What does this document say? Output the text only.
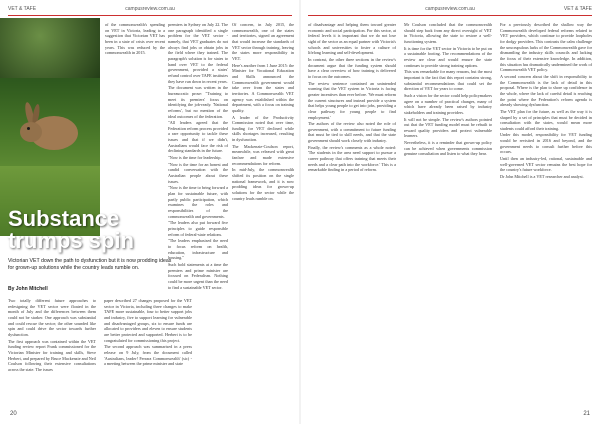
VET & TAFE	campusreview.com.au

of the commonwealth's spending on VET in Victoria, leading to a suggestion that Victorian VET has been in a state of crisis over recent years. This was reduced by the commonwealth in 2015.

Substance trumps spin
Victorian VET down the path to dysfunction but it is now prodding ideas for grown-up solutions while the country leads rumble on.
By John Mitchell

Two totally different future approaches to redesigning the VET sector were floated in the month of July and the differences between them could not be starker. One approach was substantial and could rescue the sector; the other sounded like spin and could drive the sector towards further dysfunction.

The first approach was contained within the VET funding review report Frank commissioned for the Victorian Minister for training and skills, Steve Herbert, and prepared by Bruce Mackenzie and Neil Coulson following their extensive consultations across the state. The issues

paper described 27 changes proposed for the VET sector in Victoria, including three changes to make TAFE more sustainable, four to better support jobs and industry, five to support learning for vulnerable and disadvantaged groups, six to ensure funds are allocated to providers and eleven to ensure students are better protected and supported. Herbert is to be congratulated for commissioning this project.

The second approach was summarised in a press release on 9 July, from the document called 'Australians, leader! Ferrara Commonwealth' (sic) - a meeting between the prime minister and state

premiers in Sydney on July 22. The one paragraph identified a single problem for the VET sector - namely, that VET graduates do not always find jobs or obtain jobs in the field where they trained. The paragraph's solution is for states to hand over VET to the federal government, provided a states' refund control over TAFE institutes they have run down in recent years.

The document was written in the bureaucratic prose: "Training to meet its premiers' focus on identifying the job-ready. 'National reforms', but no mention of the ideal outcomes of the federation.

"All leaders agreed that the Federation reform process provided a rare opportunity to tackle these issues and that if we didn't, Australians would face the risk of declining standards in the future.

"Now is the time for leadership.

"Now is the time for an honest and candid conversation with the Australian people about these issues.

"Now is the time to bring forward a plan for sustainable future, with partly public participation, which examines the roles and responsibilities of the commonwealth and governments.

"The leaders also put forward five principles to guide responsible reform of federal-state relations.

"The leaders emphasised the need to focus reform on health, education, infrastructure and housing."

Such bold statements at a time the premiers and prime minister are focused on Federalism. Nothing could be more urgent than the need to find a sustainable VET sector.

Of concern, in July 2015, the commonwealth, one of the states and territories, signed an agreement that would increase the standards of VET sector through training, leaving the states more responsibility in VET.

Here's another from 1 June 2015: the Minister for Vocational Education and Skills announced the Commonwealth government would take over from the states and territories. A Commonwealth VET agency was established within the department, with a focus on training quality.

A leader of the Productivity Commission noted that over time, funding for VET declined while skills shortages increased, resulting in dysfunction.

The Mackenzie-Coulson report, meanwhile, was released with great fanfare and made extensive recommendations for reform.

In mid-July, the commonwealth shifted its position on the single national framework, and it is now prodding ideas for grown-up solutions for the sector while the country leads rumble on.

20
campusreview.com.au	VET & TAFE

of disadvantage and helping them toward greater economic and social participation. For this sector, at federal levels it is important that we do not lose sight of the sector as an equal partner with Victoria's schools and universities to foster a culture of lifelong learning and self-development.

In contrast, the other three sections in the review's document argue that the funding system should have a clear overview of how training is delivered to focus on the outcomes.

The review sentence contained an unintended warning that the VET system in Victoria is facing greater incentives than ever before. 'We must reform the current structures and instead provide a system that helps young people to get into jobs, providing a clear pathway for young people to find employment.'

The authors of the review also noted the role of government, with a commitment to future funding that must be tied to skill needs, and that the state government should work closely with industry.

Finally, the review's comments as a whole noted: 'The students in the area need support to pursue a career pathway that offers training that meets their needs and a clear path into the workforce.' This is a remarkable finding in a period of reform.

Mr Coulson concluded that the commonwealth should step back from any direct oversight of VET in Victoria, allowing the state to restore a well-functioning system.

It is time for the VET sector in Victoria to be put on a sustainable footing. The recommendations of the review are clear and would ensure the state continues to provide strong training options.

This was remarkable for many reasons, but the most important is the fact that this report contains strong, substantial recommendations that could set the direction of VET for years to come.

Such a vision for the sector could help policymakers agree on a number of practical changes, many of which have already been raised by industry stakeholders and training providers.

It will not be simple. The review's authors pointed out that the VET funding model must be rebuilt to reward quality providers and protect vulnerable learners.

Nevertheless, it is a reminder that grown-up policy can be achieved when governments commission genuine consultation and listen to what they hear.

For a previously described the shallow way the Commonwealth developed federal reforms related to VET providers, which continue to provide loopholes for dodgy providers. This contrasts the calm challenge the unscrupulous lurks of the Commonwealth gave for dismantling the industry skills councils and lacking the focus of their extensive knowledge. In addition, this situation has dramatically undermined the work of Commonwealth VET policy.

A second concern about the shift in responsibility to the Commonwealth is the lack of detail in this proposal. Where is the plan to shore up confidence in the whole, where the lack of careful detail is reaching the point where the Federation's reform agenda is already showing dysfunction.

The VET plan for the future, as well as the way it is shaped by a set of principles that must be decided in consultation with the states, would mean more students could afford their training.

Under this model, responsibility for VET funding would be revisited in 2016 and beyond, and the government needs to consult further before this occurs.

Until then an industry-led, rational, sustainable and well-governed VET sector remains the best hope for the country's future workforce.

Dr John Mitchell is a VET researcher and analyst.

21
